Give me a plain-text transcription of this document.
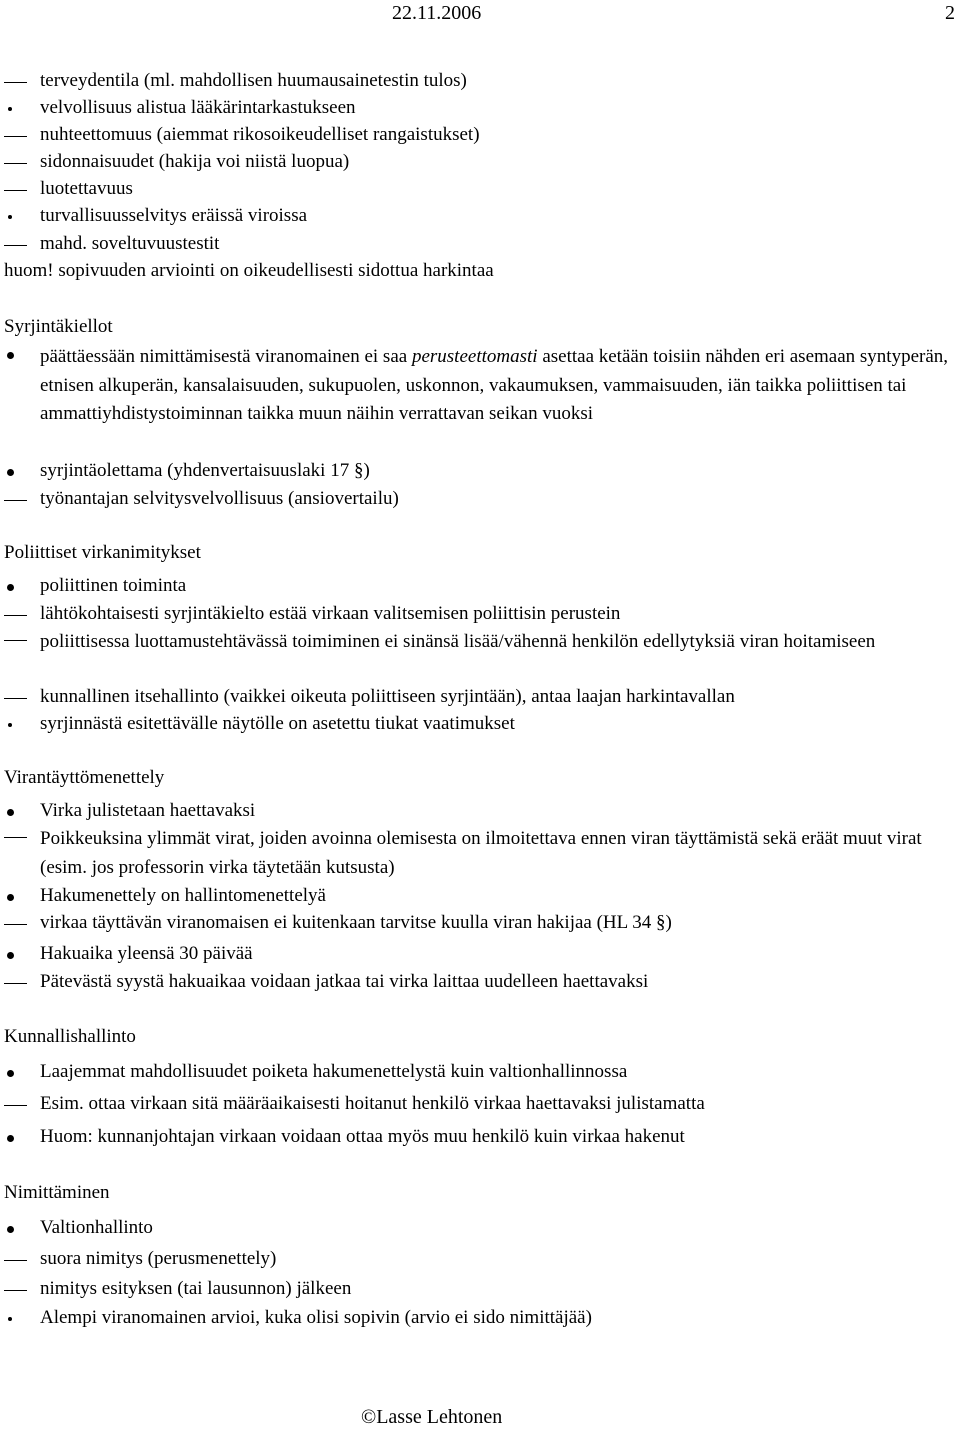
22.11.2006	2
terveydentila (ml. mahdollisen huumausainetestin tulos)
velvollisuus alistua lääkärintarkastukseen
nuhteettomuus (aiemmat rikosoikeudelliset rangaistukset)
sidonnaisuudet (hakija voi niistä luopua)
luotettavuus
turvallisuusselvitys eräissä viroissa
mahd. soveltuvuustestit
huom! sopivuuden arviointi on oikeudellisesti sidottua harkintaa
Syrjintäkiellot
päättäessään nimittämisestä viranomainen ei saa perusteettomasti asettaa ketään toisiin nähden eri asemaan syntyperän, etnisen alkuperän, kansalaisuuden, sukupuolen, uskonnon, vakaumuksen, vammaisuuden, iän taikka poliittisen tai ammattiyhdistystoiminnan taikka muun näihin verrattavan seikan vuoksi
syrjintäolettama (yhdenvertaisuuslaki 17 §)
työnantajan selvitysvelvollisuus (ansiovertailu)
Poliittiset virkanimitykset
poliittinen toiminta
lähtökohtaisesti syrjintäkielto estää virkaan valitsemisen poliittisin perustein
poliittisessa luottamustehtävässä toimiminen ei sinänsä lisää/vähennä henkilön edellytyksiä viran hoitamiseen
kunnallinen itsehallinto (vaikkei oikeuta poliittiseen syrjintään), antaa laajan harkintavallan
syrjinnästä esitettävälle näytölle on asetettu tiukat vaatimukset
Virantäyttömenettely
Virka julistetaan haettavaksi
Poikkeuksina ylimmät virat, joiden avoinna olemisesta on ilmoitettava ennen viran täyttämistä sekä eräät muut virat (esim. jos professorin virka täytetään kutsusta)
Hakumenettely on hallintomenettelyä
virkaa täyttävän viranomaisen ei kuitenkaan tarvitse kuulla viran hakijaa (HL 34 §)
Hakuaika yleensä 30 päivää
Pätevästä syystä hakuaikaa voidaan jatkaa tai virka laittaa uudelleen haettavaksi
Kunnallishallinto
Laajemmat mahdollisuudet poiketa hakumenettelystä kuin valtionhallinnossa
Esim. ottaa virkaan sitä määräaikaisesti hoitanut henkilö virkaa haettavaksi julistamatta
Huom: kunnanjohtajan virkaan voidaan ottaa myös muu henkilö kuin virkaa hakenut
Nimittäminen
Valtionhallinto
suora nimitys (perusmenettely)
nimitys esityksen (tai lausunnon) jälkeen
Alempi viranomainen arvioi, kuka olisi sopivin (arvio ei sido nimittäjää)
©Lasse Lehtonen
